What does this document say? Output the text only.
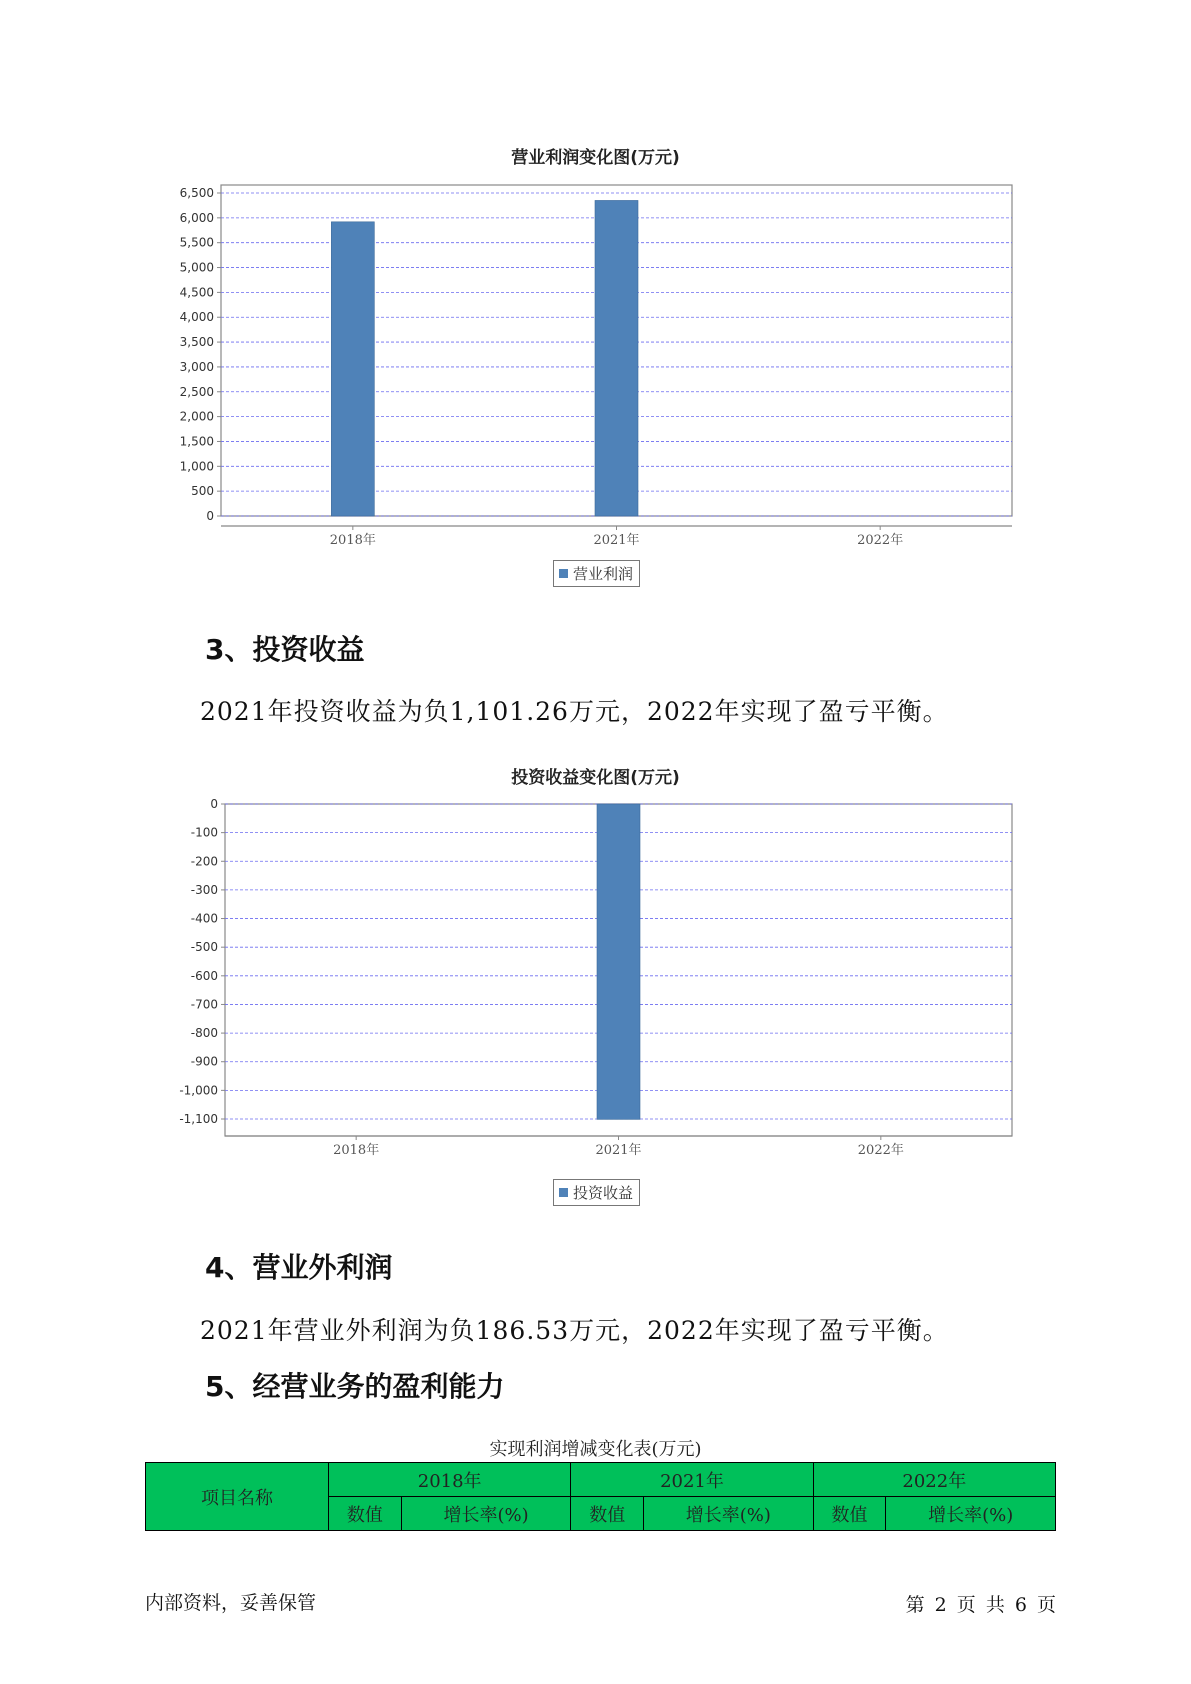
营业利润变化图(万元)
0
500
1,000
1,500
2,000
2,500
3,000
3,500
4,000
4,500
5,000
5,500
6,000
6,500
2018年	2021年	2022年
营业利润
3、投资收益
2021年投资收益为负1,101.26万元，2022年实现了盈亏平衡。
投资收益变化图(万元)
0
-100
-200
-300
-400
-500
-600
-700
-800
-900
-1,000
-1,100
2018年	2021年	2022年
投资收益
4、营业外利润
2021年营业外利润为负186.53万元，2022年实现了盈亏平衡。
5、经营业务的盈利能力
实现利润增减变化表(万元)
项目名称	2018年		2021年		2022年	
	数值	增长率(%)	数值	增长率(%)	数值	增长率(%)
内部资料，妥善保管	第 2 页 共 6 页
